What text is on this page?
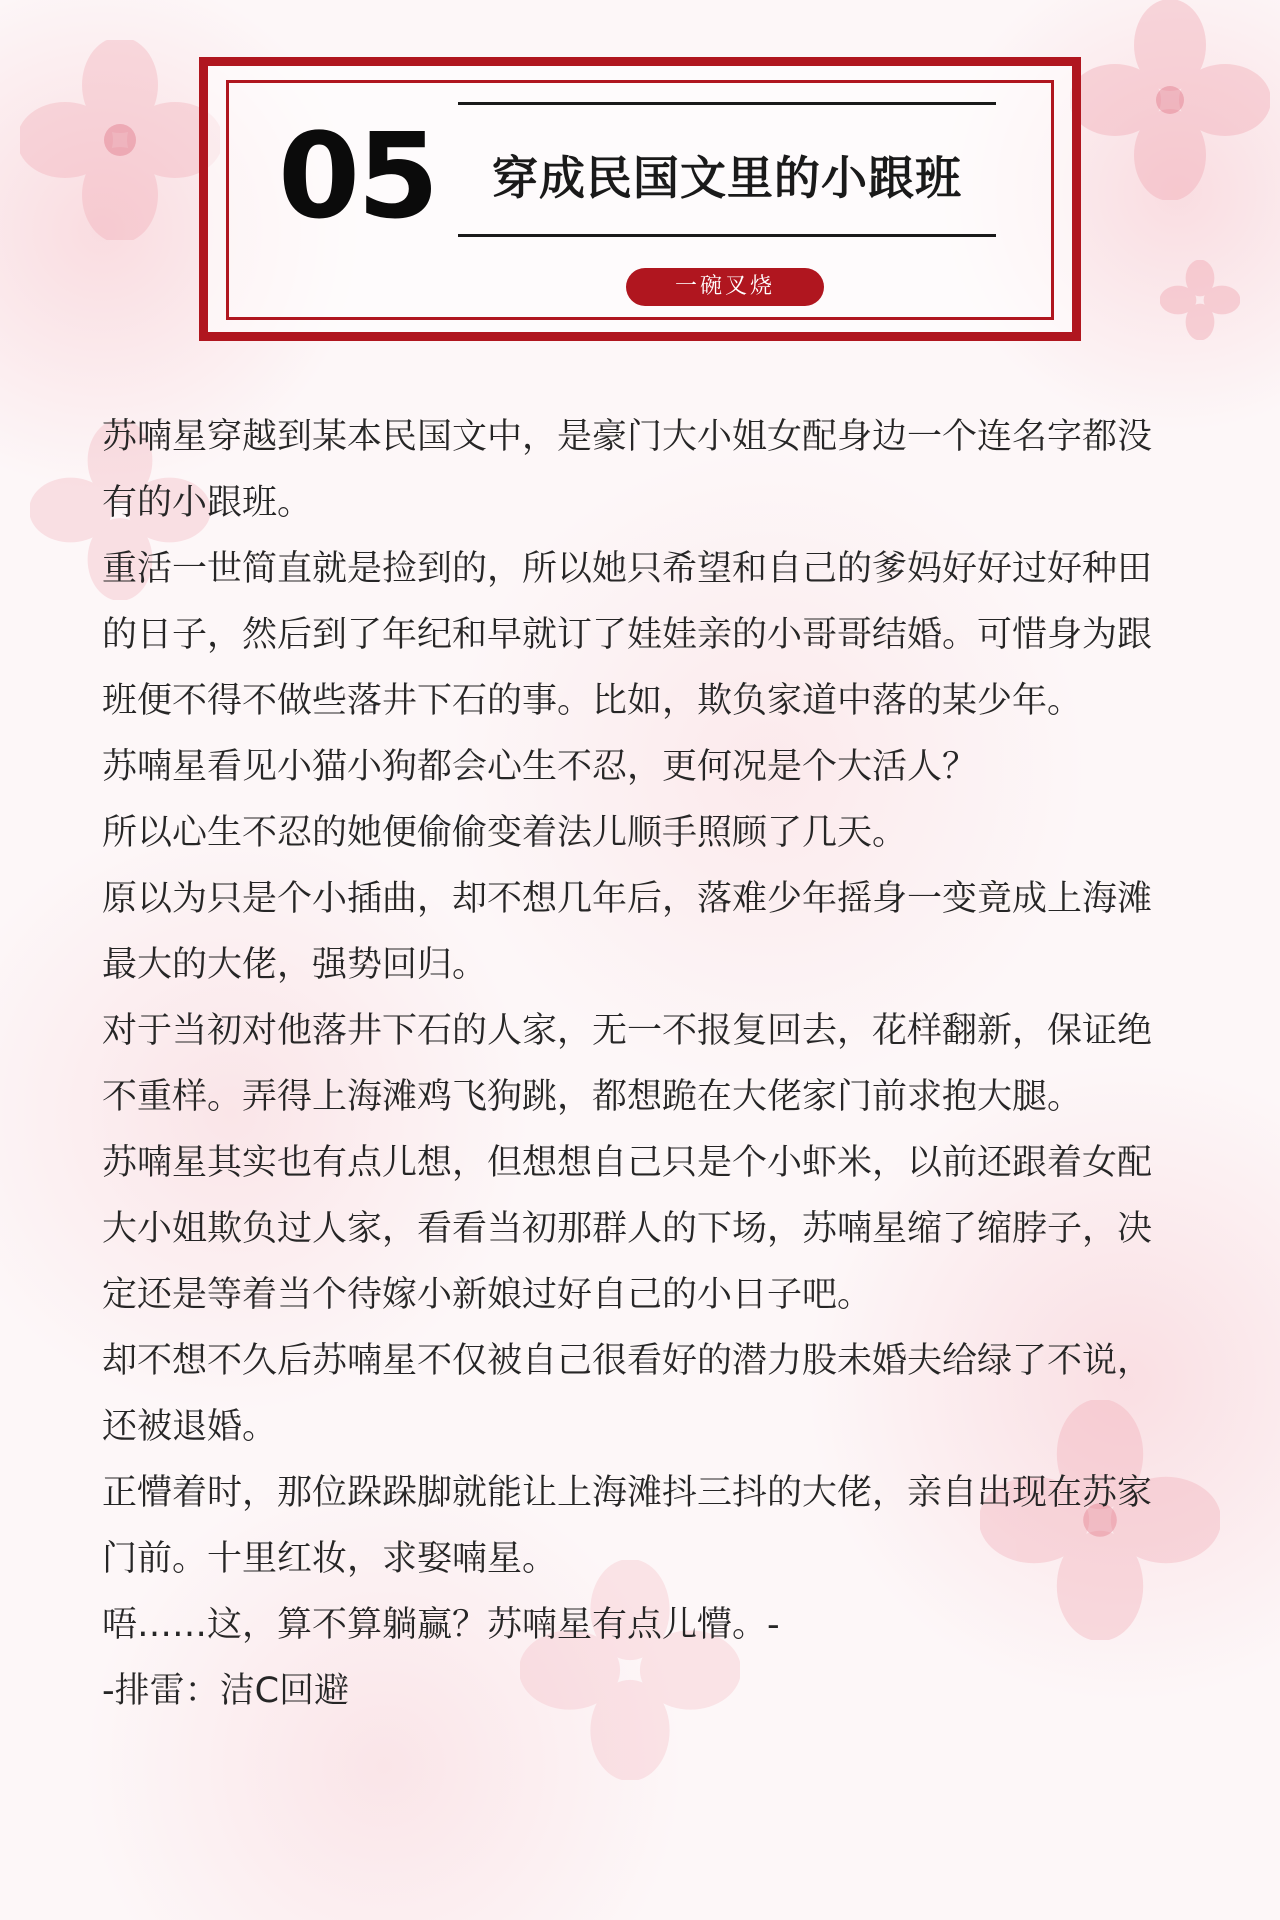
05	穿成民国文里的小跟班
一碗叉烧

苏喃星穿越到某本民国文中，是豪门大小姐女配身边一个连名字都没有的小跟班。

重活一世简直就是捡到的，所以她只希望和自己的爹妈好好过好种田的日子，然后到了年纪和早就订了娃娃亲的小哥哥结婚。可惜身为跟班便不得不做些落井下石的事。比如，欺负家道中落的某少年。

苏喃星看见小猫小狗都会心生不忍，更何况是个大活人？

所以心生不忍的她便偷偷变着法儿顺手照顾了几天。

原以为只是个小插曲，却不想几年后，落难少年摇身一变竟成上海滩最大的大佬，强势回归。

对于当初对他落井下石的人家，无一不报复回去，花样翻新，保证绝不重样。弄得上海滩鸡飞狗跳，都想跪在大佬家门前求抱大腿。

苏喃星其实也有点儿想，但想想自己只是个小虾米，以前还跟着女配大小姐欺负过人家，看看当初那群人的下场，苏喃星缩了缩脖子，决定还是等着当个待嫁小新娘过好自己的小日子吧。

却不想不久后苏喃星不仅被自己很看好的潜力股未婚夫给绿了不说，还被退婚。

正懵着时，那位跺跺脚就能让上海滩抖三抖的大佬，亲自出现在苏家门前。十里红妆，求娶喃星。

唔……这，算不算躺赢？苏喃星有点儿懵。-

-排雷：洁C回避
